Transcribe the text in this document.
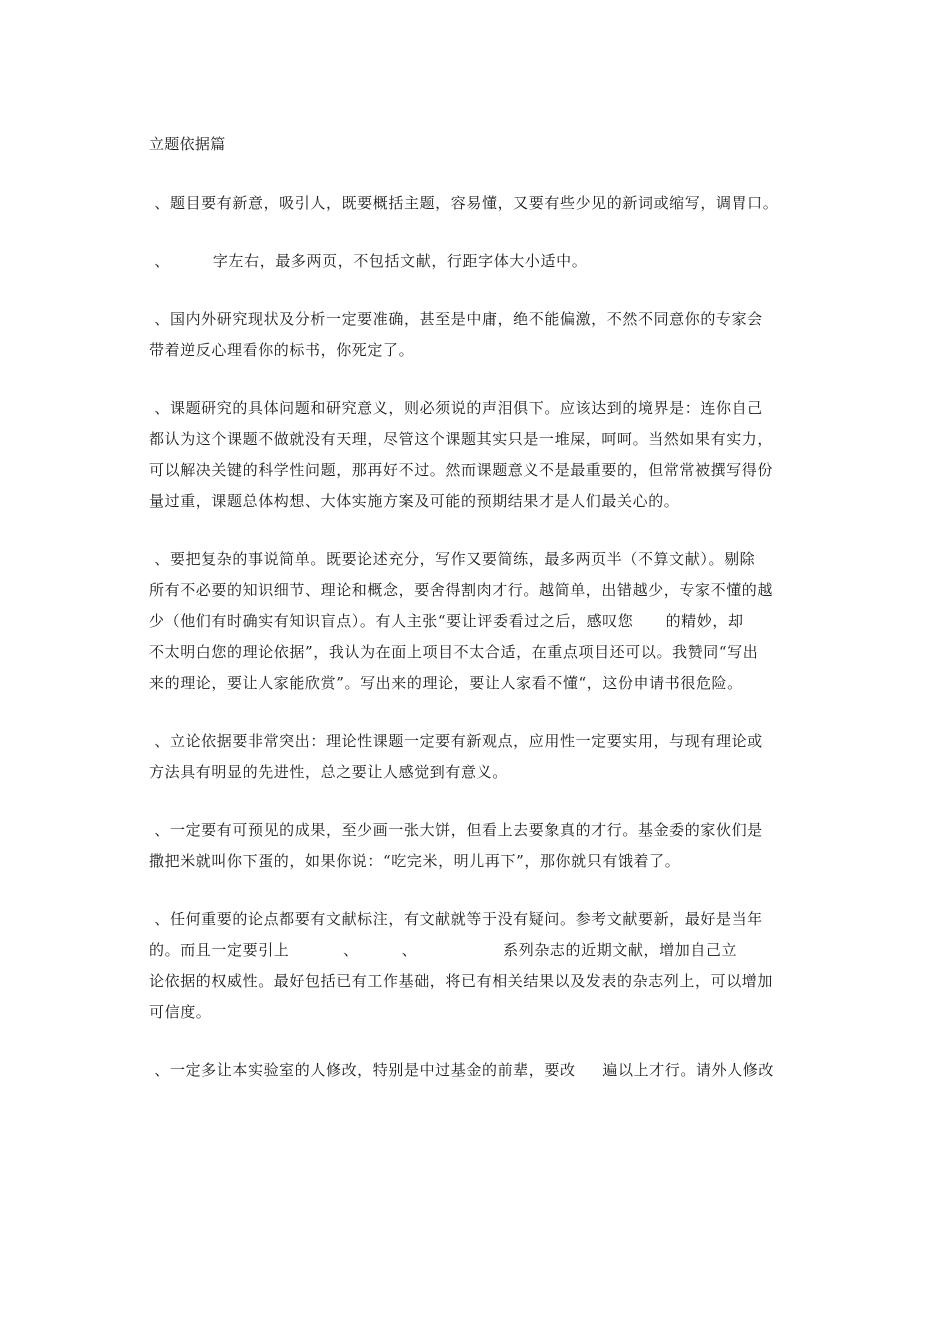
立题依据篇
、题目要有新意，吸引人，既要概括主题，容易懂，又要有些少见的新词或缩写，调胃口。
、        字左右，最多两页，不包括文献，行距字体大小适中。
、国内外研究现状及分析一定要准确，甚至是中庸，绝不能偏激，不然不同意你的专家会
带着逆反心理看你的标书，你死定了。
、课题研究的具体问题和研究意义，则必须说的声泪俱下。应该达到的境界是：连你自己
都认为这个课题不做就没有天理，尽管这个课题其实只是一堆屎，呵呵。当然如果有实力，
可以解决关键的科学性问题，那再好不过。然而课题意义不是最重要的，但常常被撰写得份
量过重，课题总体构想、大体实施方案及可能的预期结果才是人们最关心的。
、要把复杂的事说简单。既要论述充分，写作又要简练，最多两页半（不算文献）。剔除
所有不必要的知识细节、理论和概念，要舍得割肉才行。越简单，出错越少，专家不懂的越
少（他们有时确实有知识盲点）。有人主张“要让评委看过之后，感叹您      的精妙，却
不太明白您的理论依据”，我认为在面上项目不太合适，在重点项目还可以。我赞同“写出
来的理论，要让人家能欣赏”。写出来的理论，要让人家看不懂“，这份申请书很危险。
、立论依据要非常突出：理论性课题一定要有新观点，应用性一定要实用，与现有理论或
方法具有明显的先进性，总之要让人感觉到有意义。
、一定要有可预见的成果，至少画一张大饼，但看上去要象真的才行。基金委的家伙们是
撒把米就叫你下蛋的，如果你说：“吃完米，明儿再下”，那你就只有饿着了。
、任何重要的论点都要有文献标注，有文献就等于没有疑问。参考文献要新，最好是当年
的。而且一定要引上          、        、                系列杂志的近期文献，增加自己立
论依据的权威性。最好包括已有工作基础，将已有相关结果以及发表的杂志列上，可以增加
可信度。
、一定多让本实验室的人修改，特别是中过基金的前辈，要改     遍以上才行。请外人修改
